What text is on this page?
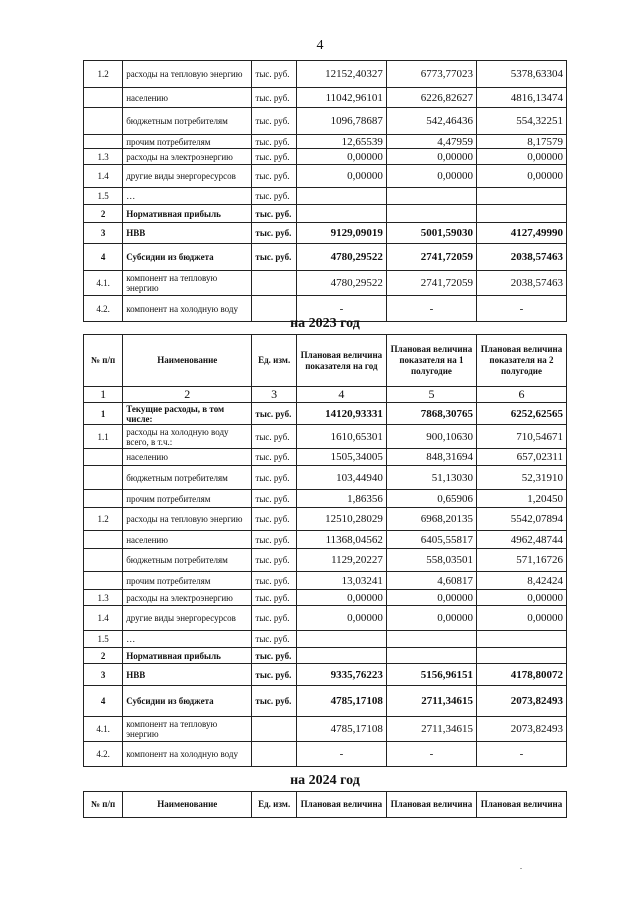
4
1.2	расходы на тепловую энергию	тыс. руб.	12152,40327	6773,77023	5378,63304
	населению	тыс. руб.	11042,96101	6226,82627	4816,13474
	бюджетным потребителям	тыс. руб.	1096,78687	542,46436	554,32251
	прочим потребителям	тыс. руб.	12,65539	4,47959	8,17579
1.3	расходы на электроэнергию	тыс. руб.	0,00000	0,00000	0,00000
1.4	другие виды энергоресурсов	тыс. руб.	0,00000	0,00000	0,00000
1.5	…	тыс. руб.			
2	Нормативная прибыль	тыс. руб.			
3	НВВ	тыс. руб.	9129,09019	5001,59030	4127,49990
4	Субсидии из бюджета	тыс. руб.	4780,29522	2741,72059	2038,57463
4.1.	компонент на тепловую энергию		4780,29522	2741,72059	2038,57463
4.2.	компонент на холодную воду		-	-	-
на 2023 год
№ п/п	Наименование	Ед. изм.	Плановая величина показателя на год	Плановая величина показателя на 1 полугодие	Плановая величина показателя на 2 полугодие
1	2	3	4	5	6
1	Текущие расходы, в том числе:	тыс. руб.	14120,93331	7868,30765	6252,62565
1.1	расходы на холодную воду всего, в т.ч.:	тыс. руб.	1610,65301	900,10630	710,54671
	населению	тыс. руб.	1505,34005	848,31694	657,02311
	бюджетным потребителям	тыс. руб.	103,44940	51,13030	52,31910
	прочим потребителям	тыс. руб.	1,86356	0,65906	1,20450
1.2	расходы на тепловую энергию	тыс. руб.	12510,28029	6968,20135	5542,07894
	населению	тыс. руб.	11368,04562	6405,55817	4962,48744
	бюджетным потребителям	тыс. руб.	1129,20227	558,03501	571,16726
	прочим потребителям	тыс. руб.	13,03241	4,60817	8,42424
1.3	расходы на электроэнергию	тыс. руб.	0,00000	0,00000	0,00000
1.4	другие виды энергоресурсов	тыс. руб.	0,00000	0,00000	0,00000
1.5	…	тыс. руб.			
2	Нормативная прибыль	тыс. руб.			
3	НВВ	тыс. руб.	9335,76223	5156,96151	4178,80072
4	Субсидии из бюджета	тыс. руб.	4785,17108	2711,34615	2073,82493
4.1.	компонент на тепловую энергию		4785,17108	2711,34615	2073,82493
4.2.	компонент на холодную воду		-	-	-
на 2024 год
№ п/п	Наименование	Ед. изм.	Плановая величина	Плановая величина	Плановая величина
.
